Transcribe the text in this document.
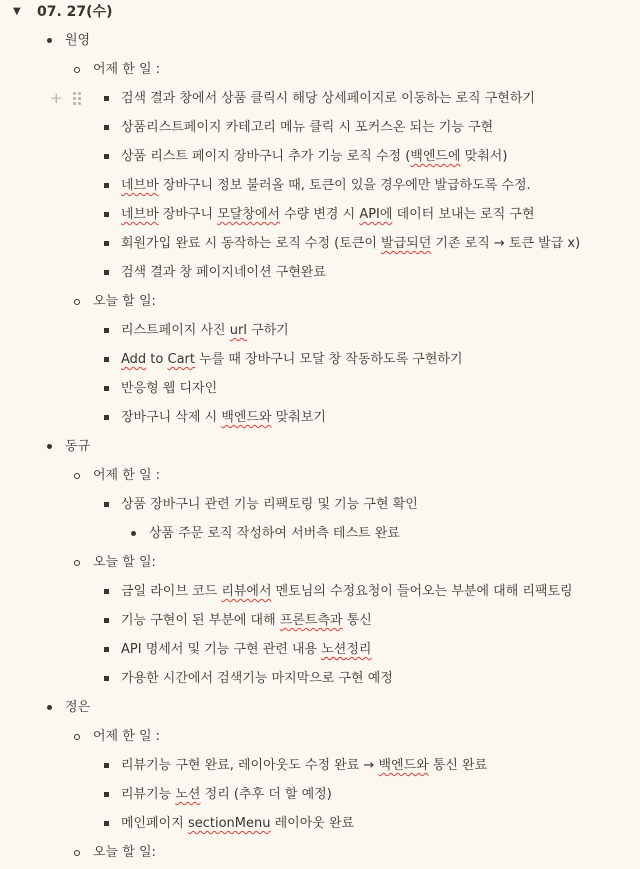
▼ 07. 27(수)
원영
어제 한 일 :
+	검색 결과 창에서 상품 클릭시 해당 상세페이지로 이동하는 로직 구현하기
상품리스트페이지 카테고리 메뉴 클릭 시 포커스온 되는 기능 구현
상품 리스트 페이지 장바구니 추가 기능 로직 수정 (백엔드에 맞춰서)
네브바 장바구니 정보 불러올 때, 토큰이 있을 경우에만 발급하도록 수정.
네브바 장바구니 모달창에서 수량 변경 시 API에 데이터 보내는 로직 구현
회원가입 완료 시 동작하는 로직 수정 (토큰이 발급되던 기존 로직 → 토큰 발급 x)
검색 결과 창 페이지네이션 구현완료
오늘 할 일:
리스트페이지 사진 url 구하기
Add to Cart 누를 때 장바구니 모달 창 작동하도록 구현하기
반응형 웹 디자인
장바구니 삭제 시 백엔드와 맞춰보기
동규
어제 한 일 :
상품 장바구니 관련 기능 리팩토링 및 기능 구현 확인
상품 주문 로직 작성하여 서버측 테스트 완료
오늘 할 일:
금일 라이브 코드 리뷰에서 멘토님의 수정요청이 들어오는 부분에 대해 리팩토링
기능 구현이 된 부분에 대해 프론트측과 통신
API 명세서 및 기능 구현 관련 내용 노션정리
가용한 시간에서 검색기능 마지막으로 구현 예정
정은
어제 한 일 :
리뷰기능 구현 완료, 레이아웃도 수정 완료 → 백엔드와 통신 완료
리뷰기능 노션 정리 (추후 더 할 예정)
메인페이지 sectionMenu 레이아웃 완료
오늘 할 일:
